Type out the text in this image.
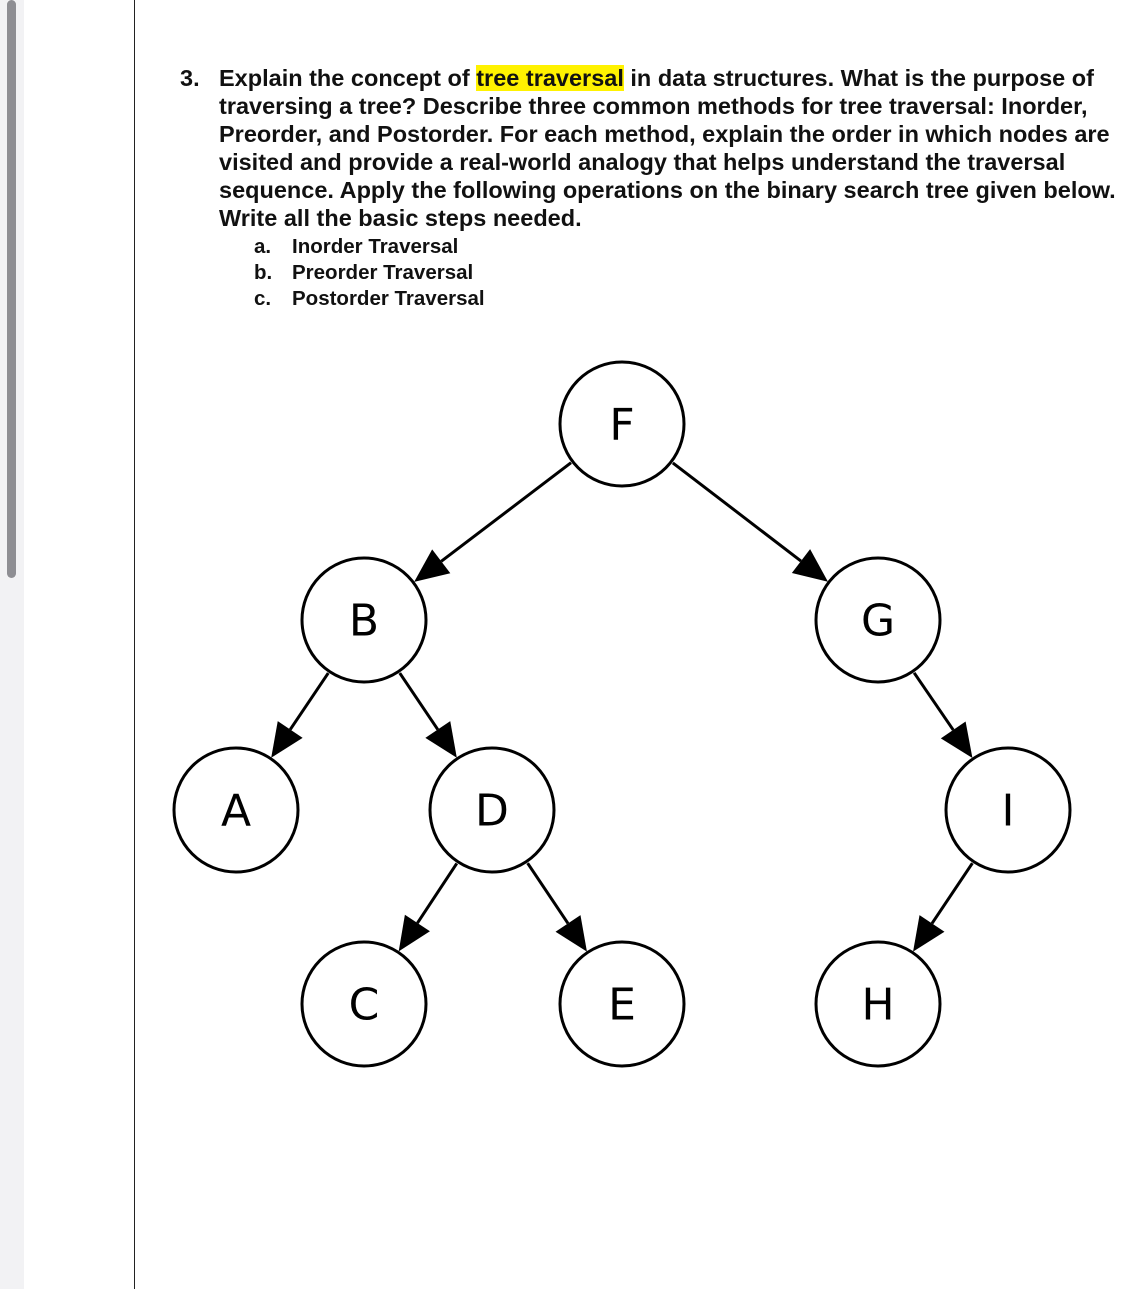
3. Explain the concept of tree traversal in data structures. What is the purpose of traversing a tree? Describe three common methods for tree traversal: Inorder, Preorder, and Postorder. For each method, explain the order in which nodes are visited and provide a real-world analogy that helps understand the traversal sequence. Apply the following operations on the binary search tree given below. Write all the basic steps needed.
a.	Inorder Traversal
b. Preorder Traversal
c.	Postorder Traversal
F
B	G
A	D	I
C	E	H
